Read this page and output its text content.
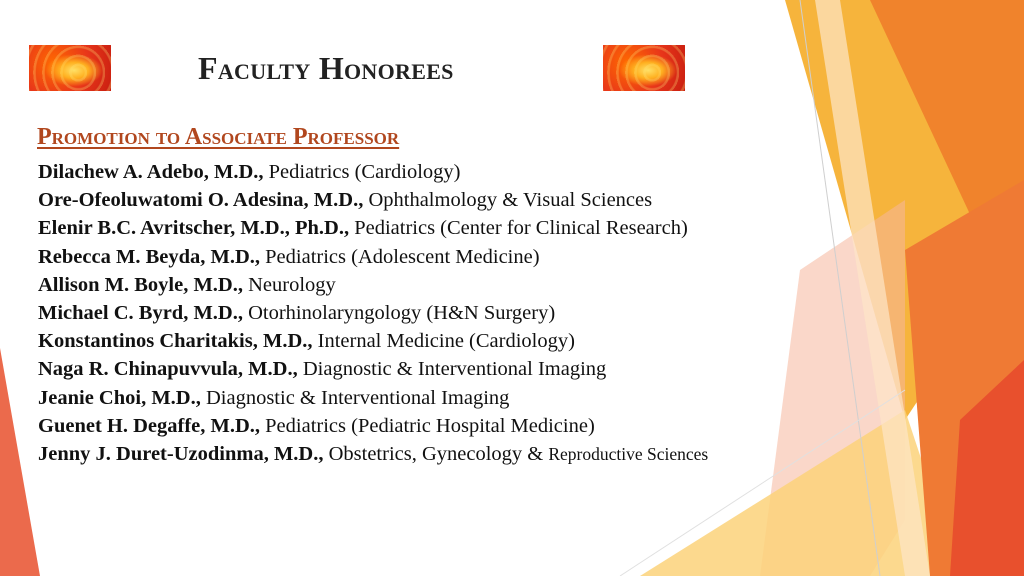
Faculty Honorees
Promotion to Associate Professor
Dilachew A. Adebo, M.D., Pediatrics (Cardiology)
Ore-Ofeoluwatomi O. Adesina, M.D., Ophthalmology & Visual Sciences
Elenir B.C. Avritscher, M.D., Ph.D., Pediatrics (Center for Clinical Research)
Rebecca M. Beyda, M.D., Pediatrics (Adolescent Medicine)
Allison M. Boyle, M.D., Neurology
Michael C. Byrd, M.D., Otorhinolaryngology (H&N Surgery)
Konstantinos Charitakis, M.D., Internal Medicine (Cardiology)
Naga R. Chinapuvvula, M.D., Diagnostic & Interventional Imaging
Jeanie Choi, M.D., Diagnostic & Interventional Imaging
Guenet H. Degaffe, M.D., Pediatrics (Pediatric Hospital Medicine)
Jenny J. Duret-Uzodinma, M.D., Obstetrics, Gynecology & Reproductive Sciences
